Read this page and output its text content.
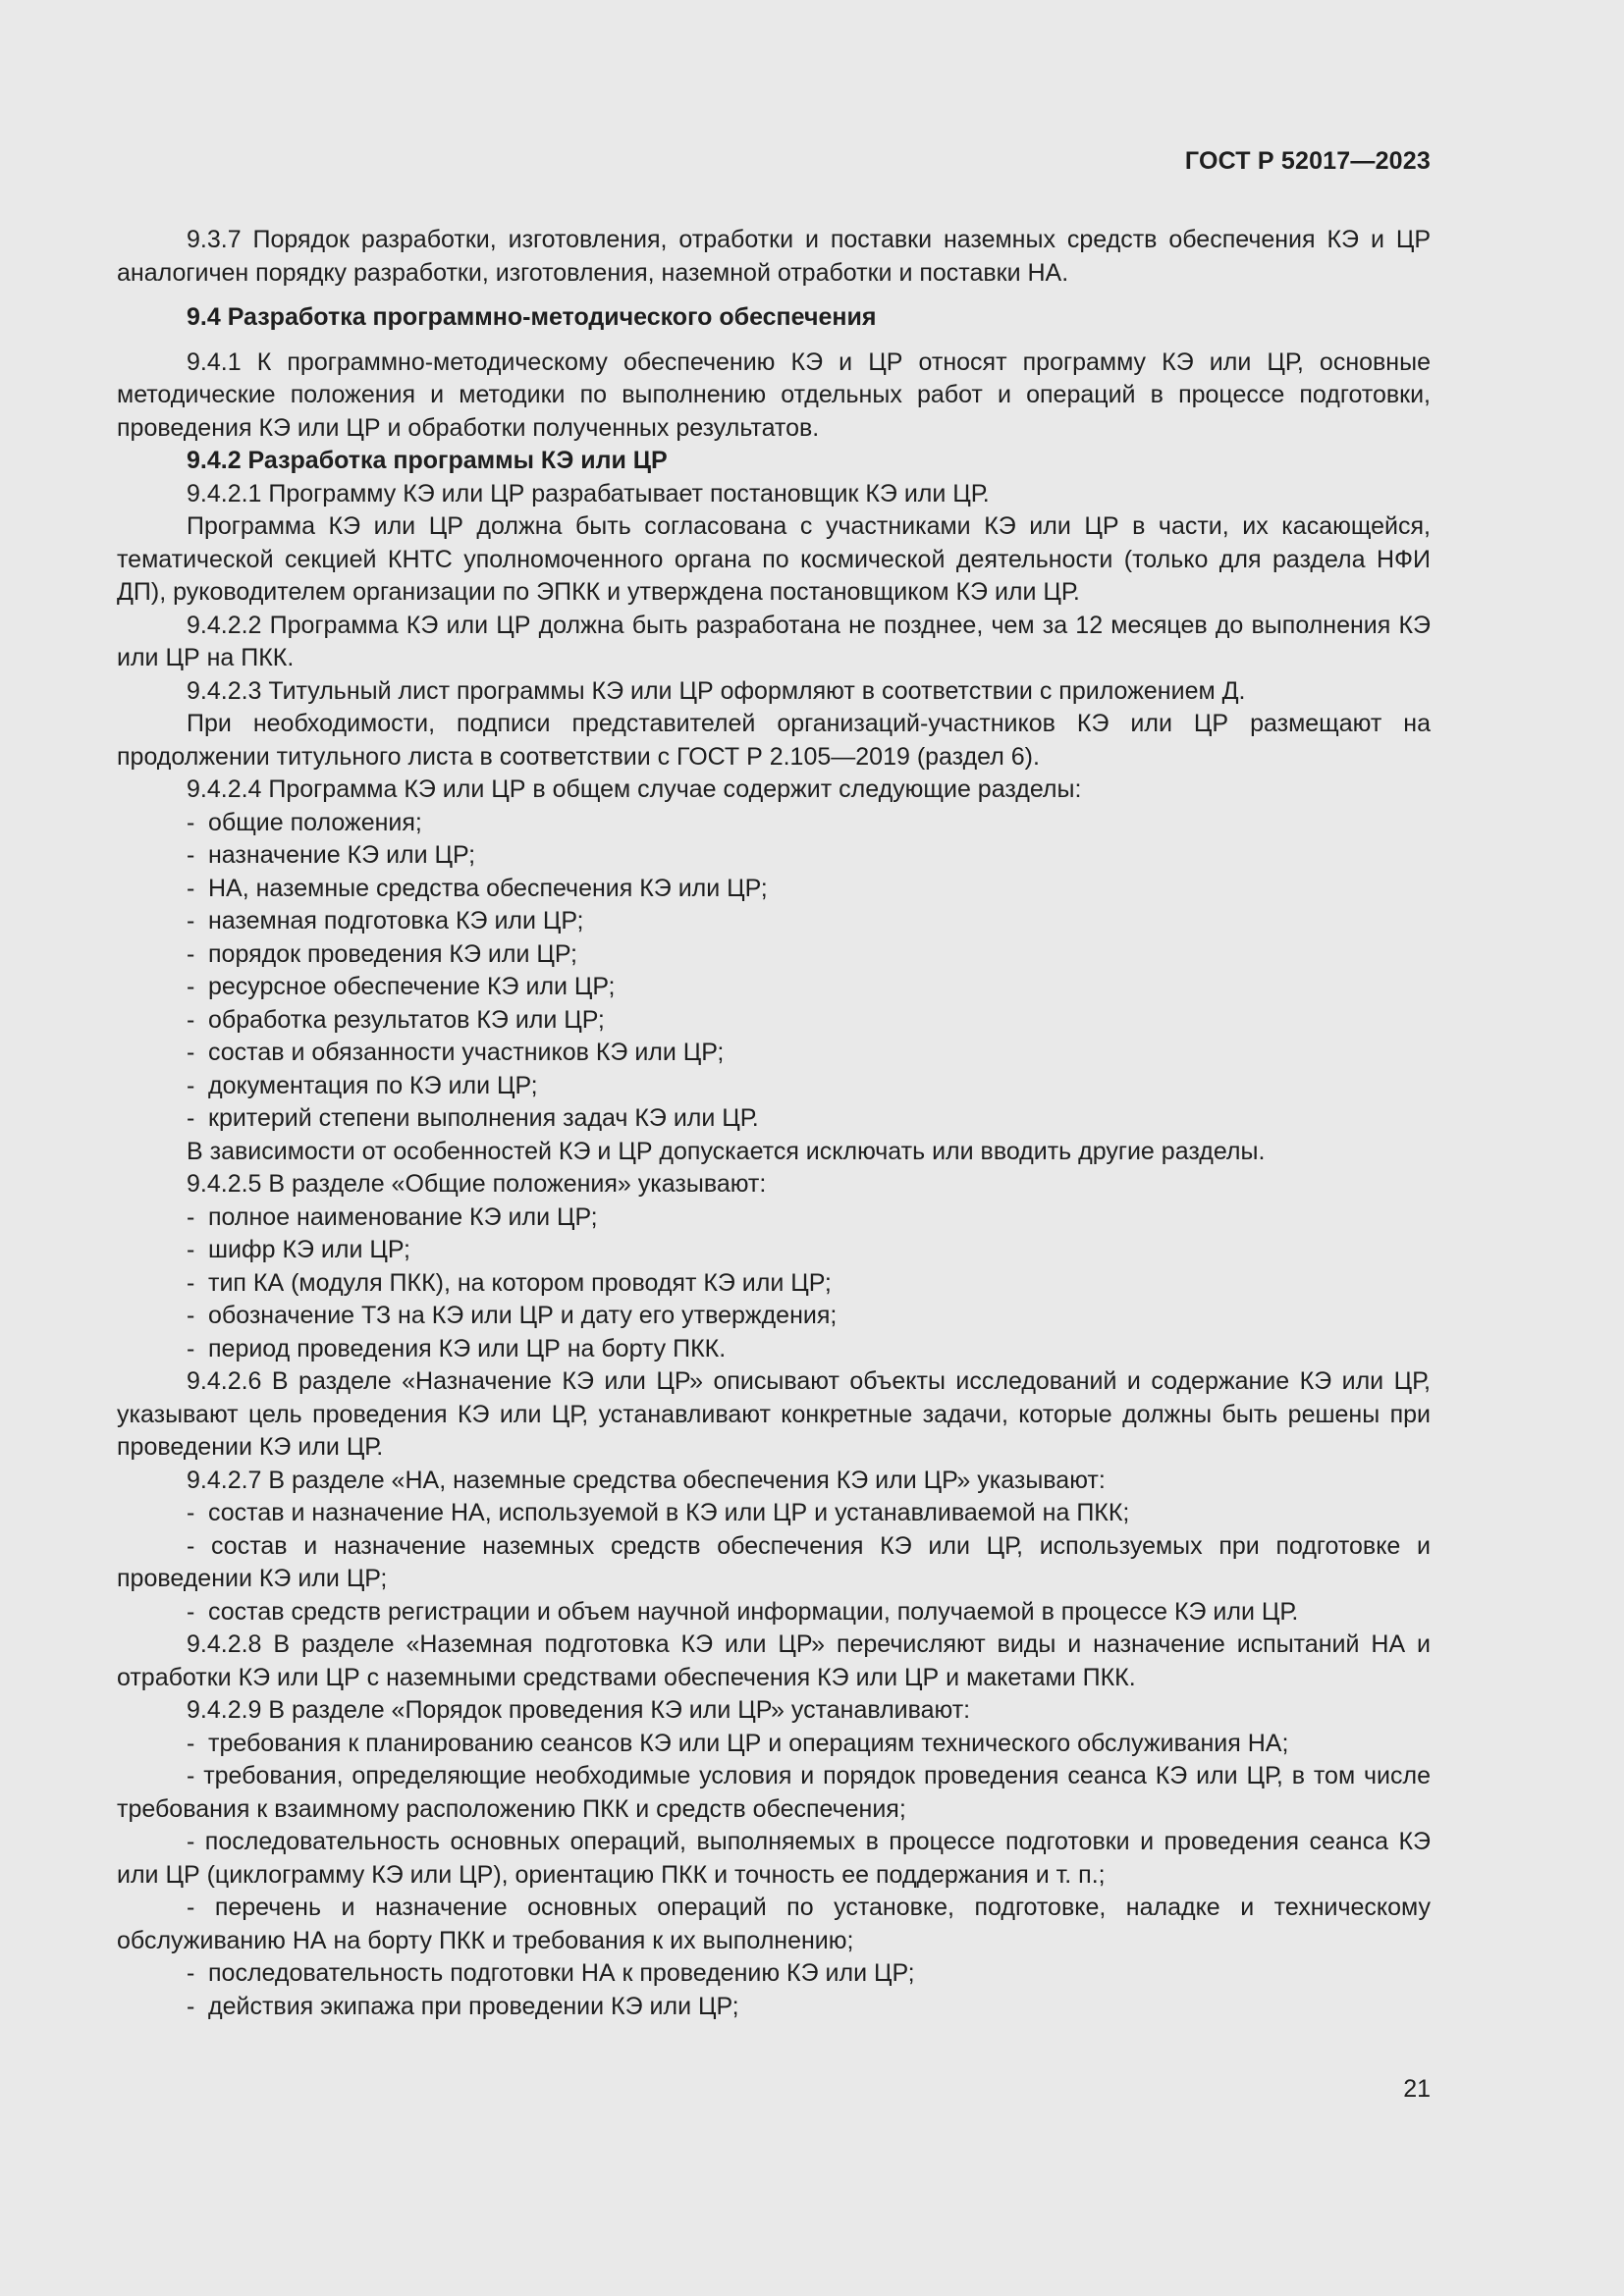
ГОСТ Р 52017—2023

9.3.7 Порядок разработки, изготовления, отработки и поставки наземных средств обеспечения КЭ и ЦР аналогичен порядку разработки, изготовления, наземной отработки и поставки НА.

9.4 Разработка программно-методического обеспечения

9.4.1 К программно-методическому обеспечению КЭ и ЦР относят программу КЭ или ЦР, основные методические положения и методики по выполнению отдельных работ и операций в процессе подготовки, проведения КЭ или ЦР и обработки полученных результатов.

9.4.2 Разработка программы КЭ или ЦР

9.4.2.1 Программу КЭ или ЦР разрабатывает постановщик КЭ или ЦР.

Программа КЭ или ЦР должна быть согласована с участниками КЭ или ЦР в части, их касающейся, тематической секцией КНТС уполномоченного органа по космической деятельности (только для раздела НФИ ДП), руководителем организации по ЭПКК и утверждена постановщиком КЭ или ЦР.

9.4.2.2 Программа КЭ или ЦР должна быть разработана не позднее, чем за 12 месяцев до выполнения КЭ или ЦР на ПКК.

9.4.2.3 Титульный лист программы КЭ или ЦР оформляют в соответствии с приложением Д.

При необходимости, подписи представителей организаций-участников КЭ или ЦР размещают на продолжении титульного листа в соответствии с ГОСТ Р 2.105—2019 (раздел 6).

9.4.2.4 Программа КЭ или ЦР в общем случае содержит следующие разделы:

- общие положения;
- назначение КЭ или ЦР;
- НА, наземные средства обеспечения КЭ или ЦР;
- наземная подготовка КЭ или ЦР;
- порядок проведения КЭ или ЦР;
- ресурсное обеспечение КЭ или ЦР;
- обработка результатов КЭ или ЦР;
- состав и обязанности участников КЭ или ЦР;
- документация по КЭ или ЦР;
- критерий степени выполнения задач КЭ или ЦР.

В зависимости от особенностей КЭ и ЦР допускается исключать или вводить другие разделы.

9.4.2.5 В разделе «Общие положения» указывают:

- полное наименование КЭ или ЦР;
- шифр КЭ или ЦР;
- тип КА (модуля ПКК), на котором проводят КЭ или ЦР;
- обозначение ТЗ на КЭ или ЦР и дату его утверждения;
- период проведения КЭ или ЦР на борту ПКК.

9.4.2.6 В разделе «Назначение КЭ или ЦР» описывают объекты исследований и содержание КЭ или ЦР, указывают цель проведения КЭ или ЦР, устанавливают конкретные задачи, которые должны быть решены при проведении КЭ или ЦР.

9.4.2.7 В разделе «НА, наземные средства обеспечения КЭ или ЦР» указывают:

- состав и назначение НА, используемой в КЭ или ЦР и устанавливаемой на ПКК;

- состав и назначение наземных средств обеспечения КЭ или ЦР, используемых при подготовке и проведении КЭ или ЦР;

- состав средств регистрации и объем научной информации, получаемой в процессе КЭ или ЦР.

9.4.2.8 В разделе «Наземная подготовка КЭ или ЦР» перечисляют виды и назначение испытаний НА и отработки КЭ или ЦР с наземными средствами обеспечения КЭ или ЦР и макетами ПКК.

9.4.2.9 В разделе «Порядок проведения КЭ или ЦР» устанавливают:

- требования к планированию сеансов КЭ или ЦР и операциям технического обслуживания НА;

- требования, определяющие необходимые условия и порядок проведения сеанса КЭ или ЦР, в том числе требования к взаимному расположению ПКК и средств обеспечения;

- последовательность основных операций, выполняемых в процессе подготовки и проведения сеанса КЭ или ЦР (циклограмму КЭ или ЦР), ориентацию ПКК и точность ее поддержания и т. п.;

- перечень и назначение основных операций по установке, подготовке, наладке и техническому обслуживанию НА на борту ПКК и требования к их выполнению;

- последовательность подготовки НА к проведению КЭ или ЦР;
- действия экипажа при проведении КЭ или ЦР;
21
